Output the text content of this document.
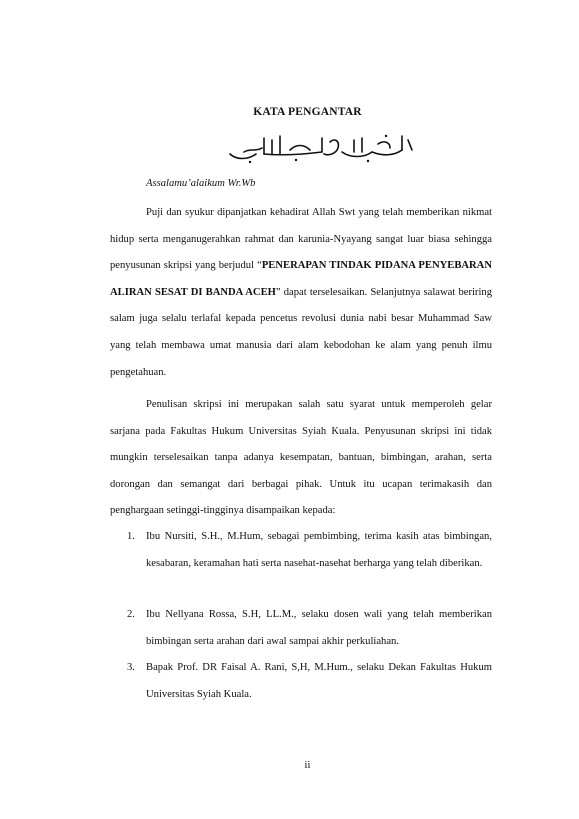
KATA PENGANTAR
Assalamu’alaikum Wr.Wb
Puji dan syukur dipanjatkan kehadirat Allah Swt yang telah memberikan nikmat hidup serta menganugerahkan rahmat dan karunia-Nyayang sangat luar biasa sehingga penyusunan skripsi yang berjudul “PENERAPAN TINDAK PIDANA PENYEBARAN ALIRAN SESAT DI BANDA ACEH” dapat terselesaikan. Selanjutnya salawat beriring salam juga selalu terlafal kepada pencetus revolusi dunia nabi besar Muhammad Saw yang telah membawa umat manusia dari alam kebodohan ke alam yang penuh ilmu pengetahuan.
Penulisan skripsi ini merupakan salah satu syarat untuk memperoleh gelar sarjana pada Fakultas Hukum Universitas Syiah Kuala. Penyusunan skripsi ini tidak mungkin terselesaikan tanpa adanya kesempatan, bantuan, bimbingan, arahan, serta dorongan dan semangat dari berbagai pihak. Untuk itu ucapan terimakasih dan penghargaan setinggi-tingginya disampaikan kepada:
1.	Ibu Nursiti, S.H., M.Hum, sebagai pembimbing, terima kasih atas bimbingan, kesabaran, keramahan hati serta nasehat-nasehat berharga yang telah diberikan.
2.	Ibu Nellyana Rossa, S.H, LL.M., selaku dosen wali yang telah memberikan bimbingan serta arahan dari awal sampai akhir perkuliahan.
3.	Bapak Prof. DR Faisal A. Rani, S,H, M.Hum., selaku Dekan Fakultas Hukum Universitas Syiah Kuala.
ii
